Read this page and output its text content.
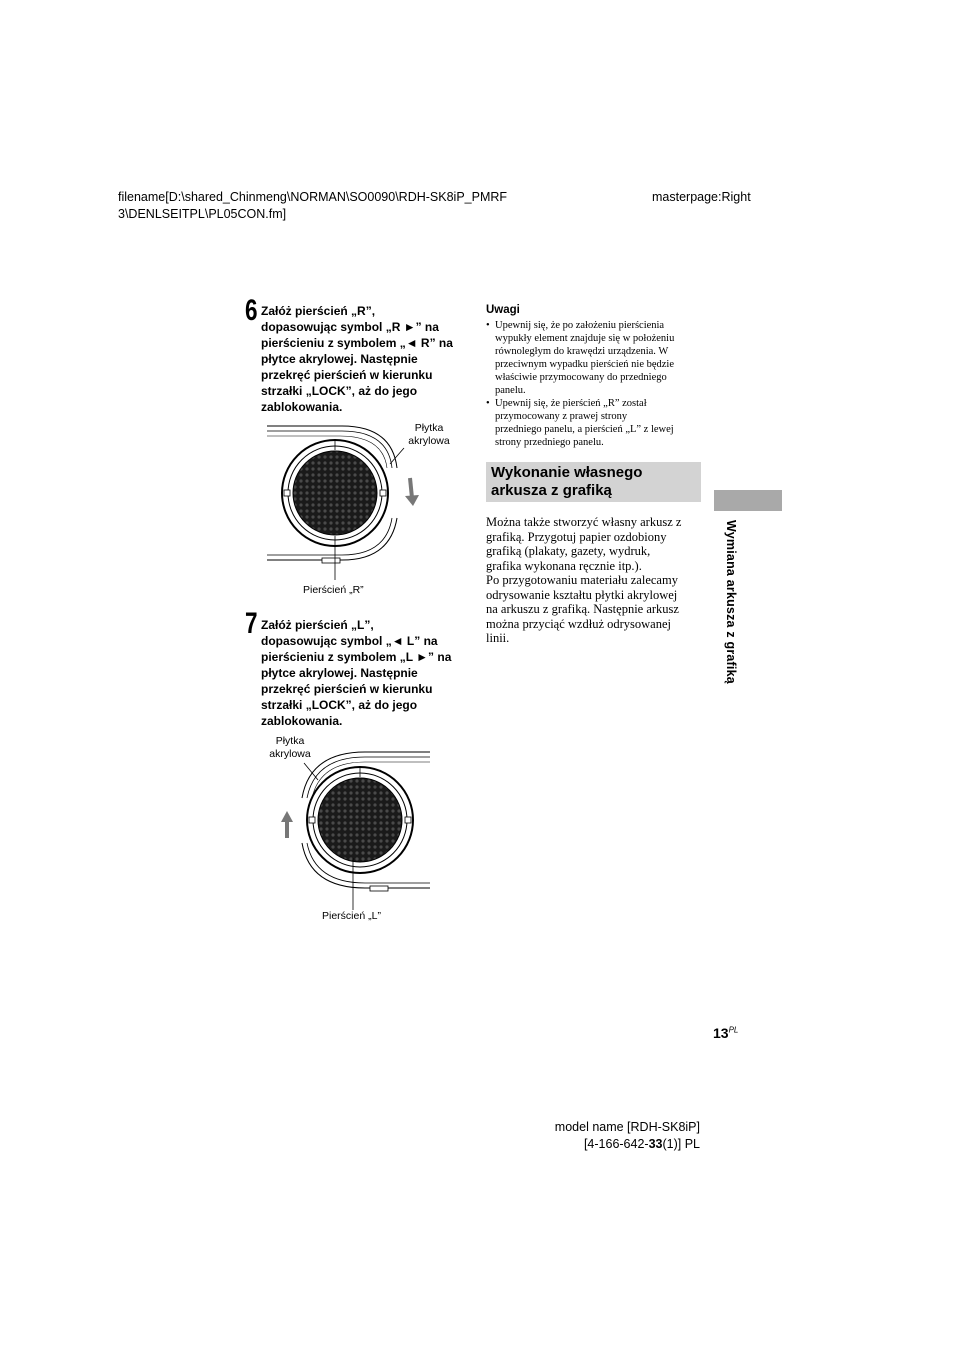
filename[D:\shared_Chinmeng\NORMAN\SO0090\RDH-SK8iP_PMRF
3\DENLSEITPL\PL05CON.fm]
masterpage:Right
6 Załóż pierścień „R”,
dopasowując symbol „R ►” na
pierścieniu z symbolem „◄ R” na
płytce akrylowej. Następnie
przekręć pierścień w kierunku
strzałki „LOCK”, aż do jego
zablokowania.
Płytka
akrylowa
Pierścień „R”
7 Załóż pierścień „L”,
dopasowując symbol „◄ L” na
pierścieniu z symbolem „L ►” na
płytce akrylowej. Następnie
przekręć pierścień w kierunku
strzałki „LOCK”, aż do jego
zablokowania.
Płytka
akrylowa
Pierścień „L”
Uwagi
• Upewnij się, że po założeniu pierścienia
wypukły element znajduje się w położeniu
równoległym do krawędzi urządzenia. W
przeciwnym wypadku pierścień nie będzie
właściwie przymocowany do przedniego
panelu.
• Upewnij się, że pierścień „R” został
przymocowany z prawej strony
przedniego panelu, a pierścień „L” z lewej
strony przedniego panelu.
Wykonanie własnego
arkusza z grafiką
Można także stworzyć własny arkusz z
grafiką. Przygotuj papier ozdobiony
grafiką (plakaty, gazety, wydruk,
grafika wykonana ręcznie itp.).
Po przygotowaniu materiału zalecamy
odrysowanie kształtu płytki akrylowej
na arkuszu z grafiką. Następnie arkusz
można przyciąć wzdłuż odrysowanej
linii.	Wymiana arkusza z grafiką
$13^{PL}$
model name [RDH-SK8iP]
[4-166-642-33(1)] PL
